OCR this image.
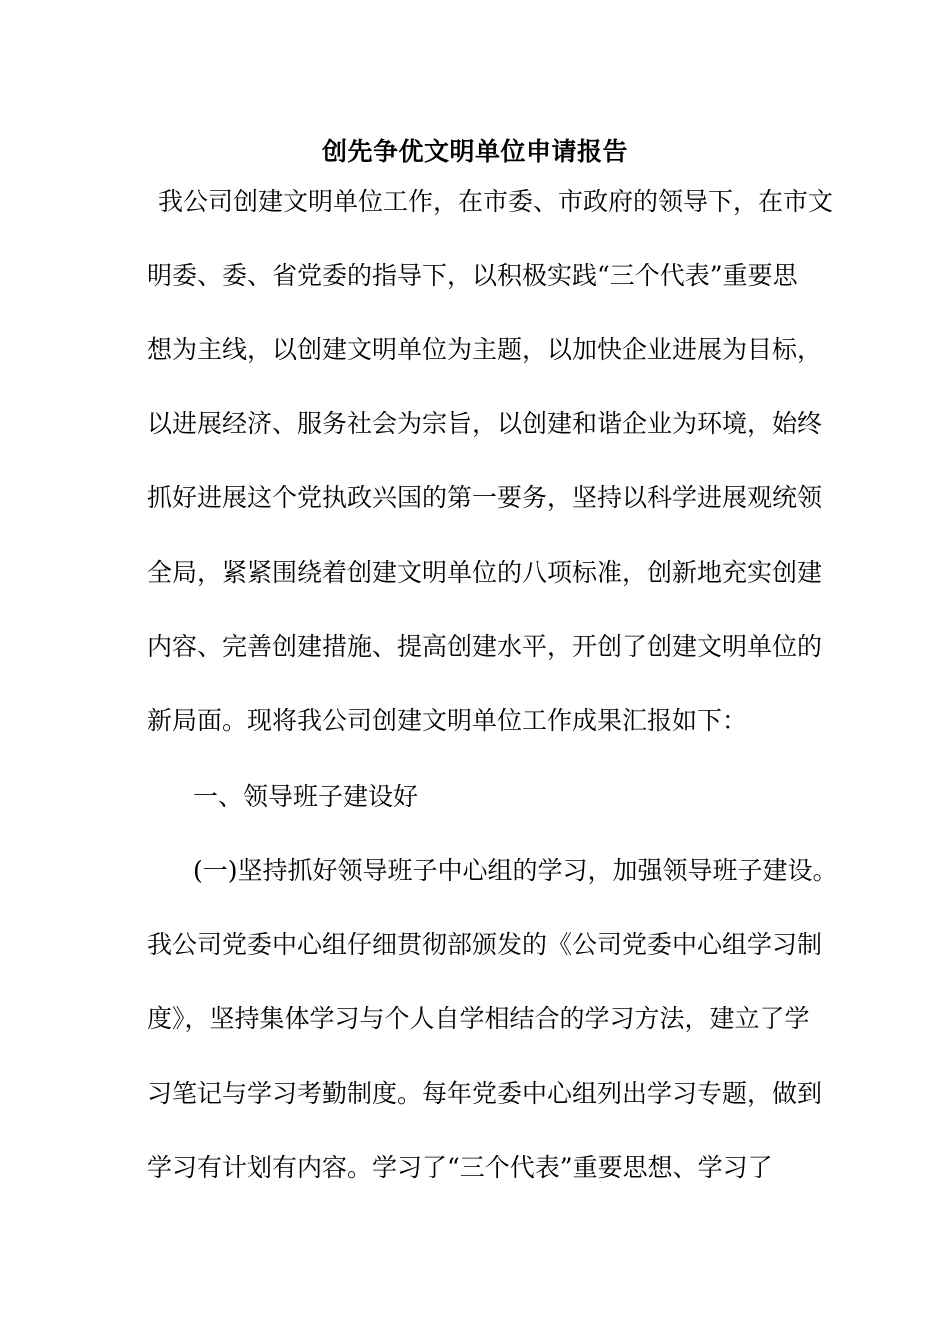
创先争优文明单位申请报告
我公司创建文明单位工作，在市委、市政府的领导下，在市文
明委、委、省党委的指导下，以积极实践“三个代表”重要思
想为主线，以创建文明单位为主题，以加快企业进展为目标，
以进展经济、服务社会为宗旨，以创建和谐企业为环境，始终
抓好进展这个党执政兴国的第一要务，坚持以科学进展观统领
全局，紧紧围绕着创建文明单位的八项标准，创新地充实创建
内容、完善创建措施、提高创建水平，开创了创建文明单位的
新局面。现将我公司创建文明单位工作成果汇报如下：
一、领导班子建设好
(一)坚持抓好领导班子中心组的学习，加强领导班子建设。
我公司党委中心组仔细贯彻部颁发的《公司党委中心组学习制
度》，坚持集体学习与个人自学相结合的学习方法，建立了学
习笔记与学习考勤制度。每年党委中心组列出学习专题，做到
学习有计划有内容。学习了“三个代表”重要思想、学习了
